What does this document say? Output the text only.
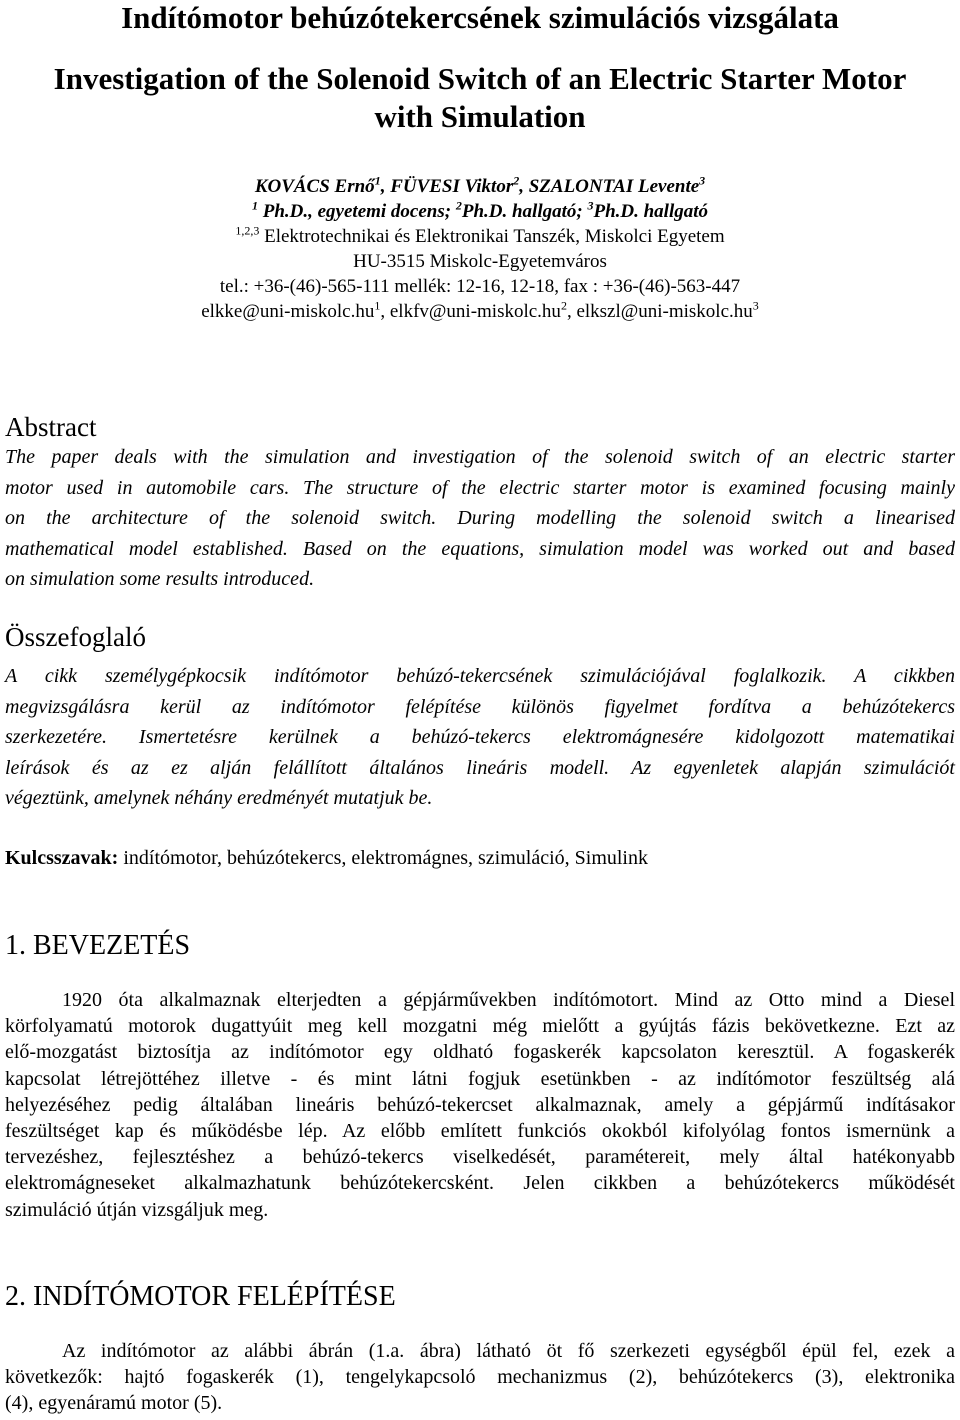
Indítómotor behúzótekercsének szimulációs vizsgálata
Investigation of the Solenoid Switch of an Electric Starter Motor
with Simulation
KOVÁCS Ernő$^1$, FÜVESI Viktor$^2$, SZALONTAI Levente$^3$
$^1$ Ph.D., egyetemi docens; $^2$Ph.D. hallgató; $^3$Ph.D. hallgató
$^{1,2,3}$ Elektrotechnikai és Elektronikai Tanszék, Miskolci Egyetem
HU-3515 Miskolc-Egyetemváros
tel.: +36-(46)-565-111 mellék: 12-16, 12-18, fax : +36-(46)-563-447
$elkke@uni-miskolc.hu^1$, $elkfv@uni-miskolc.hu^2$, $elkszl@uni-miskolc.hu^3$
Abstract
The paper deals with the simulation and investigation of the solenoid switch of an electric starter
motor used in automobile cars. The structure of the electric starter motor is examined focusing mainly
on the architecture of the solenoid switch. During modelling the solenoid switch a linearised
mathematical model established. Based on the equations, simulation model was worked out and based
on simulation some results introduced.
Összefoglaló
A cikk személygépkocsik indítómotor behúzó-tekercsének szimulációjával foglalkozik. A cikkben
megvizsgálásra kerül az indítómotor felépítése különös figyelmet fordítva a behúzótekercs
szerkezetére. Ismertetésre kerülnek a behúzó-tekercs elektromágnesére kidolgozott matematikai
leírások és az ez alján felállított általános lineáris modell. Az egyenletek alapján szimulációt
végeztünk, amelynek néhány eredményét mutatjuk be.
Kulcsszavak: indítómotor, behúzótekercs, elektromágnes, szimuláció, Simulink
1. BEVEZETÉS
1920 óta alkalmaznak elterjedten a gépjárművekben indítómotort. Mind az Otto mind a Diesel
körfolyamatú motorok dugattyúit meg kell mozgatni még mielőtt a gyújtás fázis bekövetkezne. Ezt az
elő-mozgatást biztosítja az indítómotor egy oldható fogaskerék kapcsolaton keresztül. A fogaskerék
kapcsolat létrejöttéhez illetve - és mint látni fogjuk esetünkben - az indítómotor feszültség alá
helyezéséhez pedig általában lineáris behúzó-tekercset alkalmaznak, amely a gépjármű indításakor
feszültséget kap és működésbe lép. Az előbb említett funkciós okokból kifolyólag fontos ismernünk a
tervezéshez, fejlesztéshez a behúzó-tekercs viselkedését, paramétereit, mely által hatékonyabb
elektromágneseket alkalmazhatunk behúzótekercsként. Jelen cikkben a behúzótekercs működését
szimuláció útján vizsgáljuk meg.
2. INDÍTÓMOTOR FELÉPÍTÉSE
Az indítómotor az alábbi ábrán (1.a. ábra) látható öt fő szerkezeti egységből épül fel, ezek a
következők: hajtó fogaskerék (1), tengelykapcsoló mechanizmus (2), behúzótekercs (3), elektronika
(4), egyenáramú motor (5).
